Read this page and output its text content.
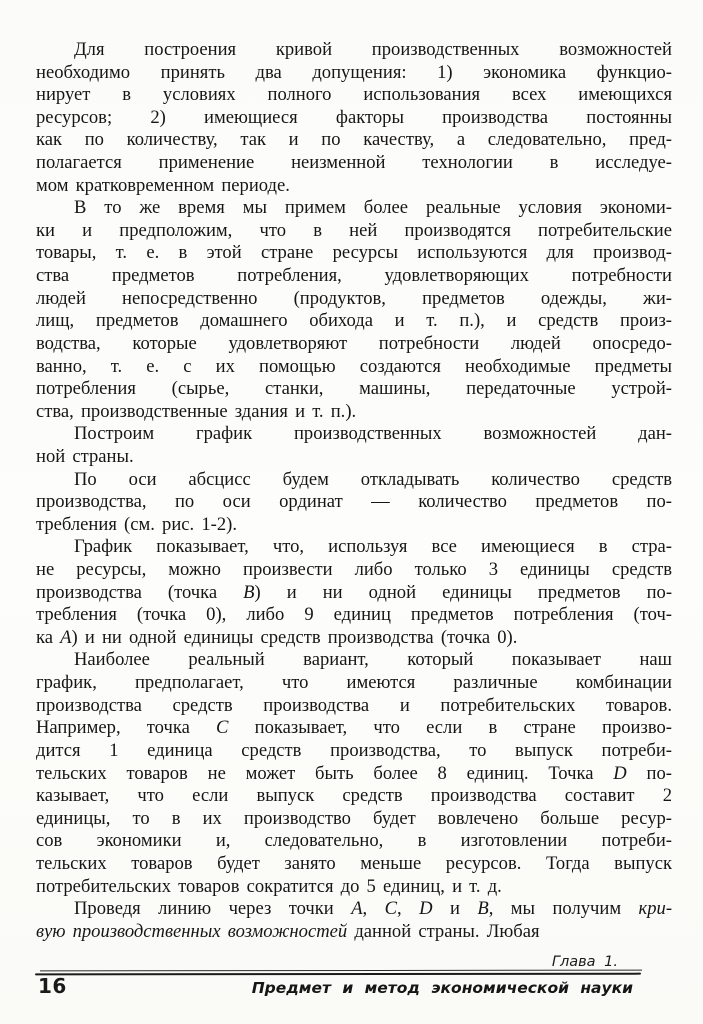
Для построения кривой производственных возможностей
необходимо принять два допущения: 1) экономика функцио-
нирует в условиях полного использования всех имеющихся
ресурсов; 2) имеющиеся факторы производства постоянны
как по количеству, так и по качеству, а следовательно, пред-
полагается применение неизменной технологии в исследуе-
мом кратковременном периоде.
В то же время мы примем более реальные условия экономи-
ки и предположим, что в ней производятся потребительские
товары, т. е. в этой стране ресурсы используются для производ-
ства предметов потребления, удовлетворяющих потребности
людей непосредственно (продуктов, предметов одежды, жи-
лищ, предметов домашнего обихода и т. п.), и средств произ-
водства, которые удовлетворяют потребности людей опосредо-
ванно, т. е. с их помощью создаются необходимые предметы
потребления (сырье, станки, машины, передаточные устрой-
ства, производственные здания и т. п.).
Построим график производственных возможностей дан-
ной страны.
По оси абсцисс будем откладывать количество средств
производства, по оси ординат — количество предметов по-
требления (см. рис. 1-2).
График показывает, что, используя все имеющиеся в стра-
не ресурсы, можно произвести либо только 3 единицы средств
производства (точка В) и ни одной единицы предметов по-
требления (точка 0), либо 9 единиц предметов потребления (точ-
ка А) и ни одной единицы средств производства (точка 0).
Наиболее реальный вариант, который показывает наш
график, предполагает, что имеются различные комбинации
производства средств производства и потребительских товаров.
Например, точка С показывает, что если в стране произво-
дится 1 единица средств производства, то выпуск потреби-
тельских товаров не может быть более 8 единиц. Точка D по-
казывает, что если выпуск средств производства составит 2
единицы, то в их производство будет вовлечено больше ресур-
сов экономики и, следовательно, в изготовлении потреби-
тельских товаров будет занято меньше ресурсов. Тогда выпуск
потребительских товаров сократится до 5 единиц, и т. д.
Проведя линию через точки А, С, D и В, мы получим кри-
вую производственных возможностей данной страны. Любая
Глава 1.
16	Предмет и метод экономической науки
